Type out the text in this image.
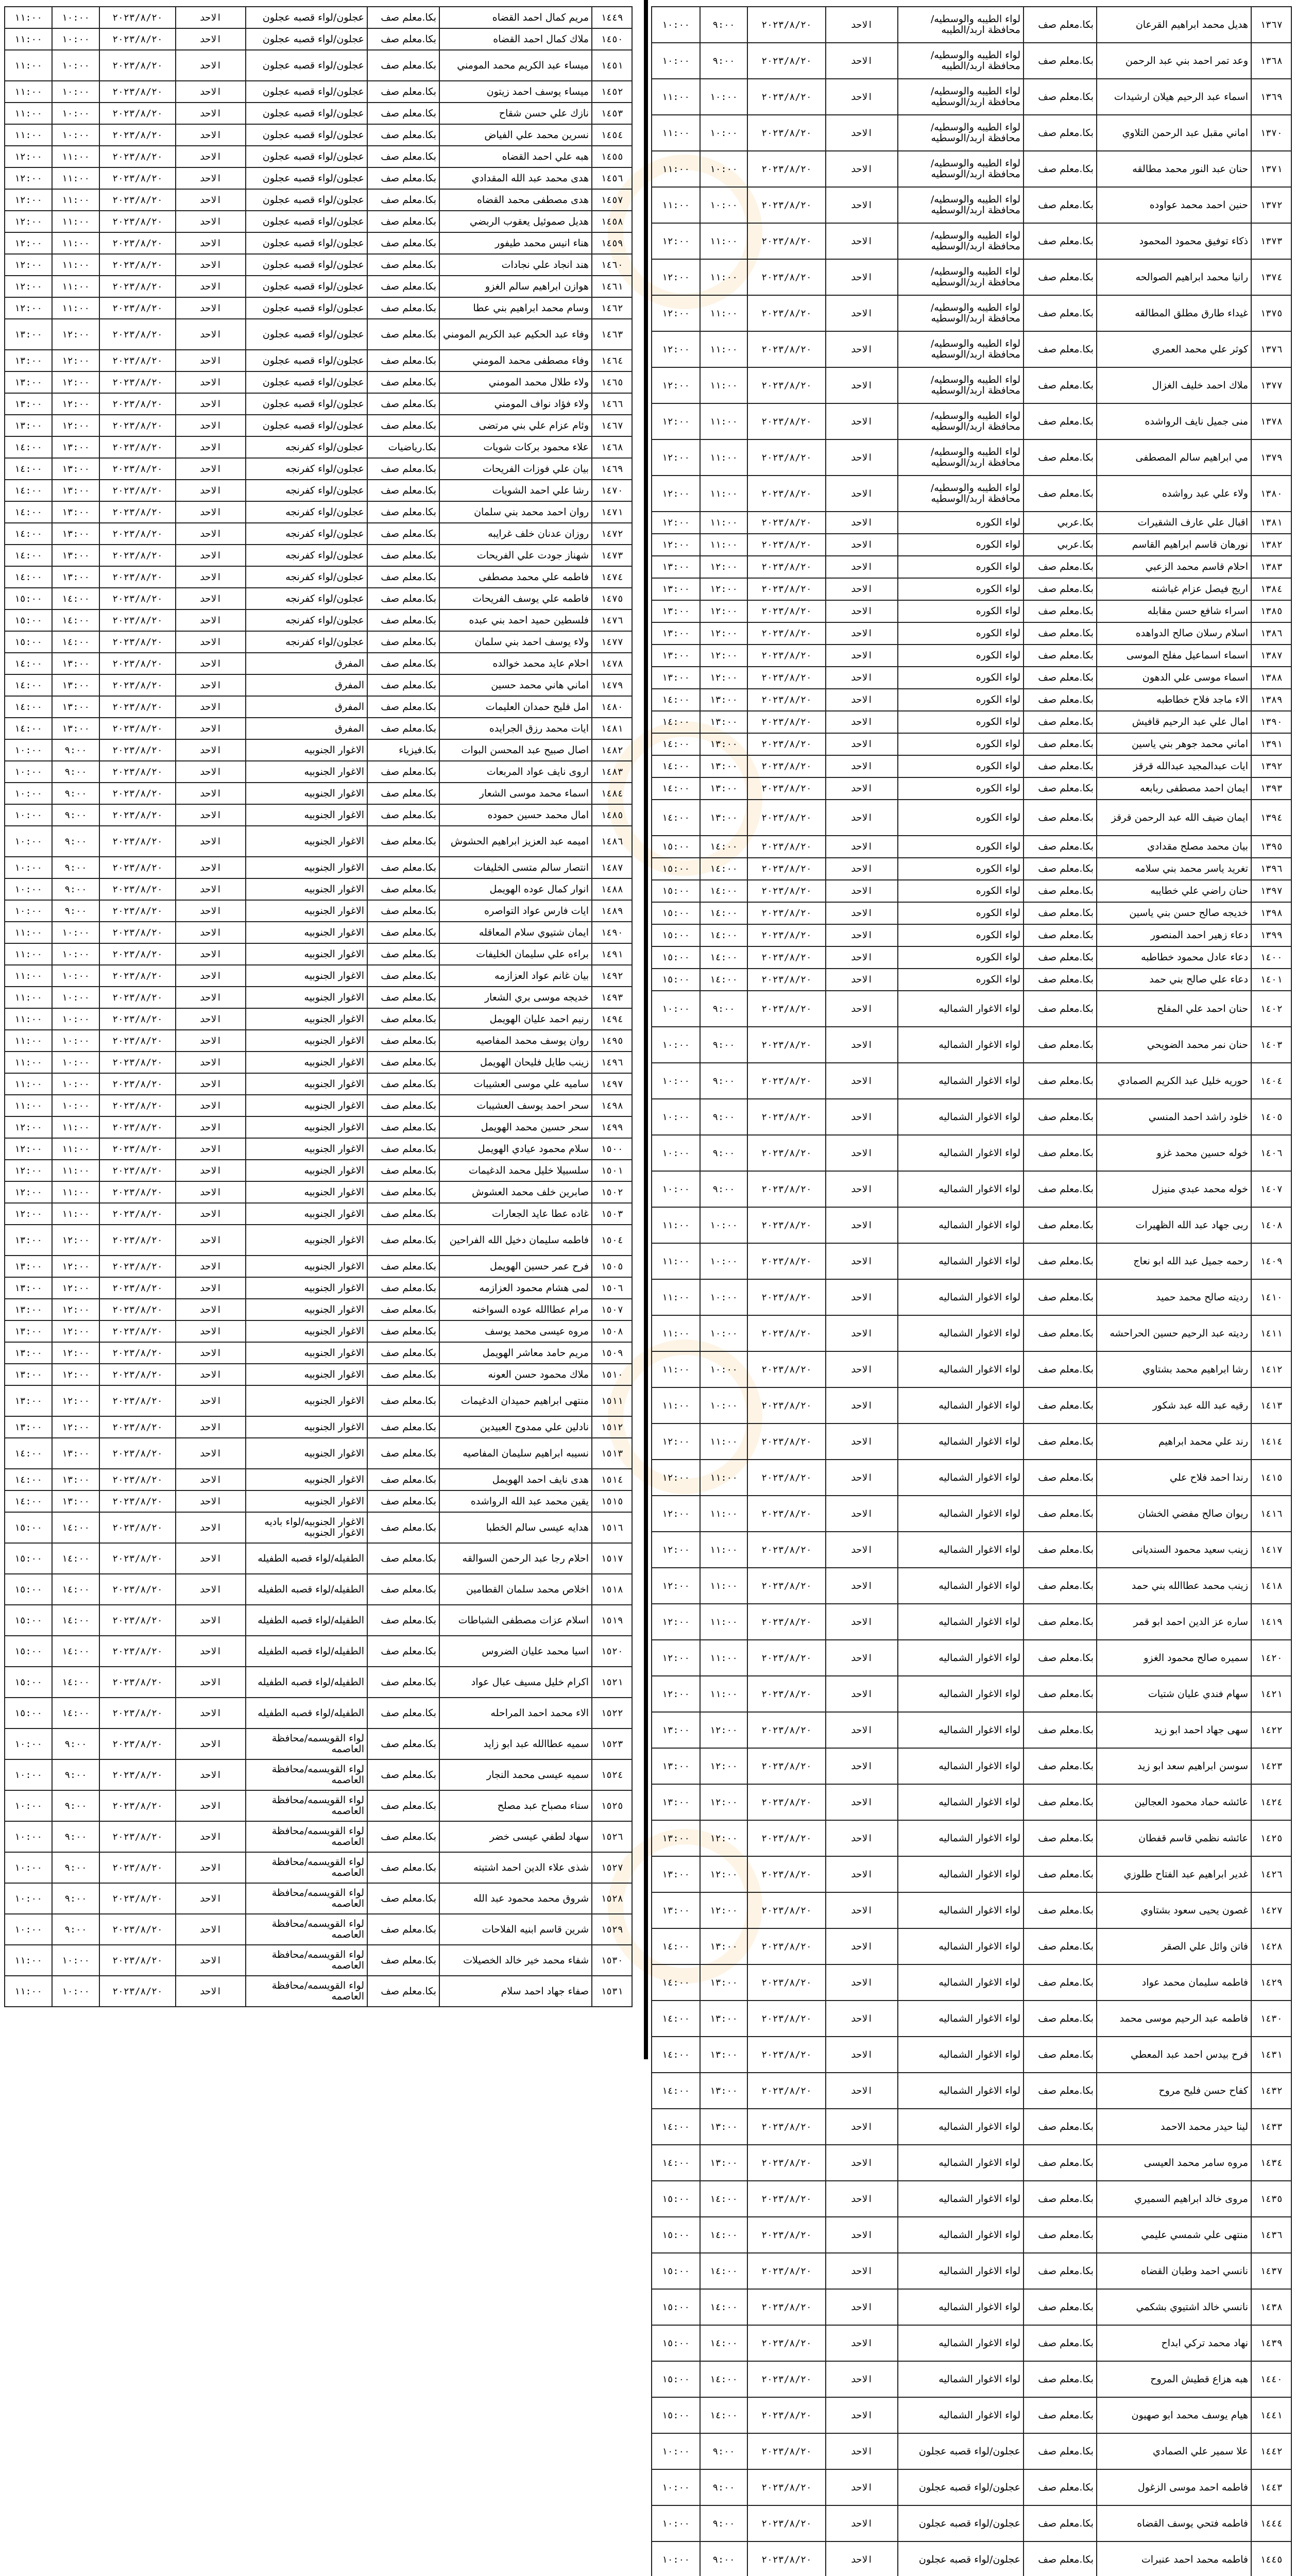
١٣٦٧	هديل محمد ابراهيم القرعان	بكا.معلم صف	لواء الطيبه والوسطيه/محافظة اربد/الطيبه	الاحد	٢٠٢٣/٨/٢٠	٩:٠٠	١٠:٠٠
١٣٦٨	وعد تمر احمد بني عبد الرحمن	بكا.معلم صف	لواء الطيبه والوسطيه/محافظة اربد/الطيبه	الاحد	٢٠٢٣/٨/٢٠	٩:٠٠	١٠:٠٠
١٣٦٩	اسماء عبد الرحيم هيلان ارشيدات	بكا.معلم صف	لواء الطيبه والوسطيه/محافظة اربد/الوسطيه	الاحد	٢٠٢٣/٨/٢٠	١٠:٠٠	١١:٠٠
١٣٧٠	اماني مقبل عبد الرحمن التلاوي	بكا.معلم صف	لواء الطيبه والوسطيه/محافظة اربد/الوسطيه	الاحد	٢٠٢٣/٨/٢٠	١٠:٠٠	١١:٠٠
١٣٧١	حنان عبد النور محمد مطالقه	بكا.معلم صف	لواء الطيبه والوسطيه/محافظة اربد/الوسطيه	الاحد	٢٠٢٣/٨/٢٠	١٠:٠٠	١١:٠٠
١٣٧٢	حنين احمد محمد عواوده	بكا.معلم صف	لواء الطيبه والوسطيه/محافظة اربد/الوسطيه	الاحد	٢٠٢٣/٨/٢٠	١٠:٠٠	١١:٠٠
١٣٧٣	ذكاء توفيق محمود المحمود	بكا.معلم صف	لواء الطيبه والوسطيه/محافظة اربد/الوسطيه	الاحد	٢٠٢٣/٨/٢٠	١١:٠٠	١٢:٠٠
١٣٧٤	رانيا محمد ابراهيم الصوالحه	بكا.معلم صف	لواء الطيبه والوسطيه/محافظة اربد/الوسطيه	الاحد	٢٠٢٣/٨/٢٠	١١:٠٠	١٢:٠٠
١٣٧٥	غيداء طارق مطلق المطالقه	بكا.معلم صف	لواء الطيبه والوسطيه/محافظة اربد/الوسطيه	الاحد	٢٠٢٣/٨/٢٠	١١:٠٠	١٢:٠٠
١٣٧٦	كوثر علي محمد العمري	بكا.معلم صف	لواء الطيبه والوسطيه/محافظة اربد/الوسطيه	الاحد	٢٠٢٣/٨/٢٠	١١:٠٠	١٢:٠٠
١٣٧٧	ملاك احمد خليف الغزال	بكا.معلم صف	لواء الطيبه والوسطيه/محافظة اربد/الوسطيه	الاحد	٢٠٢٣/٨/٢٠	١١:٠٠	١٢:٠٠
١٣٧٨	منى جميل نايف الرواشده	بكا.معلم صف	لواء الطيبه والوسطيه/محافظة اربد/الوسطيه	الاحد	٢٠٢٣/٨/٢٠	١١:٠٠	١٢:٠٠
١٣٧٩	مي ابراهيم سالم المصطفى	بكا.معلم صف	لواء الطيبه والوسطيه/محافظة اربد/الوسطيه	الاحد	٢٠٢٣/٨/٢٠	١١:٠٠	١٢:٠٠
١٣٨٠	ولاء علي عبد رواشده	بكا.معلم صف	لواء الطيبه والوسطيه/محافظة اربد/الوسطيه	الاحد	٢٠٢٣/٨/٢٠	١١:٠٠	١٢:٠٠
١٣٨١	اقبال علي عارف الشقيرات	بكا.عربي	لواء الكوره	الاحد	٢٠٢٣/٨/٢٠	١١:٠٠	١٢:٠٠
١٣٨٢	نورهان قاسم ابراهيم القاسم	بكا.عربي	لواء الكوره	الاحد	٢٠٢٣/٨/٢٠	١١:٠٠	١٢:٠٠
١٣٨٣	احلام قاسم محمد الزعبي	بكا.معلم صف	لواء الكوره	الاحد	٢٠٢٣/٨/٢٠	١٢:٠٠	١٣:٠٠
١٣٨٤	اريج فيصل عزام غباشنه	بكا.معلم صف	لواء الكوره	الاحد	٢٠٢٣/٨/٢٠	١٢:٠٠	١٣:٠٠
١٣٨٥	اسراء شافع حسن مقابله	بكا.معلم صف	لواء الكوره	الاحد	٢٠٢٣/٨/٢٠	١٢:٠٠	١٣:٠٠
١٣٨٦	اسلام رسلان صالح الدواهده	بكا.معلم صف	لواء الكوره	الاحد	٢٠٢٣/٨/٢٠	١٢:٠٠	١٣:٠٠
١٣٨٧	اسماء اسماعيل مفلح الموسى	بكا.معلم صف	لواء الكوره	الاحد	٢٠٢٣/٨/٢٠	١٢:٠٠	١٣:٠٠
١٣٨٨	اسماء موسى علي الدهون	بكا.معلم صف	لواء الكوره	الاحد	٢٠٢٣/٨/٢٠	١٢:٠٠	١٣:٠٠
١٣٨٩	الاء ماجد فلاح خطاطبه	بكا.معلم صف	لواء الكوره	الاحد	٢٠٢٣/٨/٢٠	١٣:٠٠	١٤:٠٠
١٣٩٠	امال علي عبد الرحيم قافيش	بكا.معلم صف	لواء الكوره	الاحد	٢٠٢٣/٨/٢٠	١٣:٠٠	١٤:٠٠
١٣٩١	اماني محمد جوهر بني ياسين	بكا.معلم صف	لواء الكوره	الاحد	٢٠٢٣/٨/٢٠	١٣:٠٠	١٤:٠٠
١٣٩٢	ايات عبدالمجيد عبدالله قرقز	بكا.معلم صف	لواء الكوره	الاحد	٢٠٢٣/٨/٢٠	١٣:٠٠	١٤:٠٠
١٣٩٣	ايمان احمد مصطفى ربابعه	بكا.معلم صف	لواء الكوره	الاحد	٢٠٢٣/٨/٢٠	١٣:٠٠	١٤:٠٠
١٣٩٤	ايمان ضيف الله عبد الرحمن قرقز	بكا.معلم صف	لواء الكوره	الاحد	٢٠٢٣/٨/٢٠	١٣:٠٠	١٤:٠٠
١٣٩٥	بيان محمد مصلح مقدادي	بكا.معلم صف	لواء الكوره	الاحد	٢٠٢٣/٨/٢٠	١٤:٠٠	١٥:٠٠
١٣٩٦	تغريد ياسر محمد بني سلامه	بكا.معلم صف	لواء الكوره	الاحد	٢٠٢٣/٨/٢٠	١٤:٠٠	١٥:٠٠
١٣٩٧	حنان راضي علي خطايبه	بكا.معلم صف	لواء الكوره	الاحد	٢٠٢٣/٨/٢٠	١٤:٠٠	١٥:٠٠
١٣٩٨	خديجه صالح حسن بني ياسين	بكا.معلم صف	لواء الكوره	الاحد	٢٠٢٣/٨/٢٠	١٤:٠٠	١٥:٠٠
١٣٩٩	دعاء زهير احمد المنصور	بكا.معلم صف	لواء الكوره	الاحد	٢٠٢٣/٨/٢٠	١٤:٠٠	١٥:٠٠
١٤٠٠	دعاء عادل محمود خطاطبه	بكا.معلم صف	لواء الكوره	الاحد	٢٠٢٣/٨/٢٠	١٤:٠٠	١٥:٠٠
١٤٠١	دعاء علي صالح بني حمد	بكا.معلم صف	لواء الكوره	الاحد	٢٠٢٣/٨/٢٠	١٤:٠٠	١٥:٠٠
١٤٠٢	حنان احمد علي المفلح	بكا.معلم صف	لواء الاغوار الشماليه	الاحد	٢٠٢٣/٨/٢٠	٩:٠٠	١٠:٠٠
١٤٠٣	حنان نمر محمد الضويحي	بكا.معلم صف	لواء الاغوار الشماليه	الاحد	٢٠٢٣/٨/٢٠	٩:٠٠	١٠:٠٠
١٤٠٤	حوريه خليل عبد الكريم الصمادي	بكا.معلم صف	لواء الاغوار الشماليه	الاحد	٢٠٢٣/٨/٢٠	٩:٠٠	١٠:٠٠
١٤٠٥	خلود راشد احمد المنسي	بكا.معلم صف	لواء الاغوار الشماليه	الاحد	٢٠٢٣/٨/٢٠	٩:٠٠	١٠:٠٠
١٤٠٦	خوله حسين محمد غزو	بكا.معلم صف	لواء الاغوار الشماليه	الاحد	٢٠٢٣/٨/٢٠	٩:٠٠	١٠:٠٠
١٤٠٧	خوله محمد عبدي منيزل	بكا.معلم صف	لواء الاغوار الشماليه	الاحد	٢٠٢٣/٨/٢٠	٩:٠٠	١٠:٠٠
١٤٠٨	ربى جهاد عبد الله الظهيرات	بكا.معلم صف	لواء الاغوار الشماليه	الاحد	٢٠٢٣/٨/٢٠	١٠:٠٠	١١:٠٠
١٤٠٩	رحمه جميل عبد الله ابو نعاج	بكا.معلم صف	لواء الاغوار الشماليه	الاحد	٢٠٢٣/٨/٢٠	١٠:٠٠	١١:٠٠
١٤١٠	رديته صالح محمد حميد	بكا.معلم صف	لواء الاغوار الشماليه	الاحد	٢٠٢٣/٨/٢٠	١٠:٠٠	١١:٠٠
١٤١١	رديته عبد الرحيم حسين الحراحشه	بكا.معلم صف	لواء الاغوار الشماليه	الاحد	٢٠٢٣/٨/٢٠	١٠:٠٠	١١:٠٠
١٤١٢	رشا ابراهيم محمد بشتاوي	بكا.معلم صف	لواء الاغوار الشماليه	الاحد	٢٠٢٣/٨/٢٠	١٠:٠٠	١١:٠٠
١٤١٣	رقيه عبد الله عبد شكور	بكا.معلم صف	لواء الاغوار الشماليه	الاحد	٢٠٢٣/٨/٢٠	١٠:٠٠	١١:٠٠
١٤١٤	رند علي محمد ابراهيم	بكا.معلم صف	لواء الاغوار الشماليه	الاحد	٢٠٢٣/٨/٢٠	١١:٠٠	١٢:٠٠
١٤١٥	رندا احمد فلاح علي	بكا.معلم صف	لواء الاغوار الشماليه	الاحد	٢٠٢٣/٨/٢٠	١١:٠٠	١٢:٠٠
١٤١٦	ريوان صالح مفضي الخشان	بكا.معلم صف	لواء الاغوار الشماليه	الاحد	٢٠٢٣/٨/٢٠	١١:٠٠	١٢:٠٠
١٤١٧	زينب سعيد محمود السنديانى	بكا.معلم صف	لواء الاغوار الشماليه	الاحد	٢٠٢٣/٨/٢٠	١١:٠٠	١٢:٠٠
١٤١٨	زينب محمد عطاالله بني حمد	بكا.معلم صف	لواء الاغوار الشماليه	الاحد	٢٠٢٣/٨/٢٠	١١:٠٠	١٢:٠٠
١٤١٩	ساره عز الدين احمد ابو قمر	بكا.معلم صف	لواء الاغوار الشماليه	الاحد	٢٠٢٣/٨/٢٠	١١:٠٠	١٢:٠٠
١٤٢٠	سميره صالح محمود الغزو	بكا.معلم صف	لواء الاغوار الشماليه	الاحد	٢٠٢٣/٨/٢٠	١١:٠٠	١٢:٠٠
١٤٢١	سهام فندي عليان شتيات	بكا.معلم صف	لواء الاغوار الشماليه	الاحد	٢٠٢٣/٨/٢٠	١١:٠٠	١٢:٠٠
١٤٢٢	سهى جهاد احمد ابو زيد	بكا.معلم صف	لواء الاغوار الشماليه	الاحد	٢٠٢٣/٨/٢٠	١٢:٠٠	١٣:٠٠
١٤٢٣	سوسن ابراهيم سعد ابو زيد	بكا.معلم صف	لواء الاغوار الشماليه	الاحد	٢٠٢٣/٨/٢٠	١٢:٠٠	١٣:٠٠
١٤٢٤	عائشه حماد محمود العجالين	بكا.معلم صف	لواء الاغوار الشماليه	الاحد	٢٠٢٣/٨/٢٠	١٢:٠٠	١٣:٠٠
١٤٢٥	عائشه نظمي قاسم قفطان	بكا.معلم صف	لواء الاغوار الشماليه	الاحد	٢٠٢٣/٨/٢٠	١٢:٠٠	١٣:٠٠
١٤٢٦	غدير ابراهيم عبد الفتاح طلوزي	بكا.معلم صف	لواء الاغوار الشماليه	الاحد	٢٠٢٣/٨/٢٠	١٢:٠٠	١٣:٠٠
١٤٢٧	غصون يحيى سعود بشتاوي	بكا.معلم صف	لواء الاغوار الشماليه	الاحد	٢٠٢٣/٨/٢٠	١٢:٠٠	١٣:٠٠
١٤٢٨	فاتن وائل علي الصقر	بكا.معلم صف	لواء الاغوار الشماليه	الاحد	٢٠٢٣/٨/٢٠	١٣:٠٠	١٤:٠٠
١٤٢٩	فاطمه سليمان محمد عواد	بكا.معلم صف	لواء الاغوار الشماليه	الاحد	٢٠٢٣/٨/٢٠	١٣:٠٠	١٤:٠٠
١٤٣٠	فاطمه عبد الرحيم موسى محمد	بكا.معلم صف	لواء الاغوار الشماليه	الاحد	٢٠٢٣/٨/٢٠	١٣:٠٠	١٤:٠٠
١٤٣١	فرح بيدس احمد عبد المعطي	بكا.معلم صف	لواء الاغوار الشماليه	الاحد	٢٠٢٣/٨/٢٠	١٣:٠٠	١٤:٠٠
١٤٣٢	كفاح حسن فليح مروح	بكا.معلم صف	لواء الاغوار الشماليه	الاحد	٢٠٢٣/٨/٢٠	١٣:٠٠	١٤:٠٠
١٤٣٣	لينا حيدر محمد الاحمد	بكا.معلم صف	لواء الاغوار الشماليه	الاحد	٢٠٢٣/٨/٢٠	١٣:٠٠	١٤:٠٠
١٤٣٤	مروه سامر محمد العيسى	بكا.معلم صف	لواء الاغوار الشماليه	الاحد	٢٠٢٣/٨/٢٠	١٣:٠٠	١٤:٠٠
١٤٣٥	مروى خالد ابراهيم السميري	بكا.معلم صف	لواء الاغوار الشماليه	الاحد	٢٠٢٣/٨/٢٠	١٤:٠٠	١٥:٠٠
١٤٣٦	منتهى علي شمسي عليمي	بكا.معلم صف	لواء الاغوار الشماليه	الاحد	٢٠٢٣/٨/٢٠	١٤:٠٠	١٥:٠٠
١٤٣٧	نانسي احمد وطبان القضاه	بكا.معلم صف	لواء الاغوار الشماليه	الاحد	٢٠٢٣/٨/٢٠	١٤:٠٠	١٥:٠٠
١٤٣٨	نانسي خالد اشتيوي بشكمي	بكا.معلم صف	لواء الاغوار الشماليه	الاحد	٢٠٢٣/٨/٢٠	١٤:٠٠	١٥:٠٠
١٤٣٩	نهاد محمد تركي ابداح	بكا.معلم صف	لواء الاغوار الشماليه	الاحد	٢٠٢٣/٨/٢٠	١٤:٠٠	١٥:٠٠
١٤٤٠	هبه هزاع قطيش المروح	بكا.معلم صف	لواء الاغوار الشماليه	الاحد	٢٠٢٣/٨/٢٠	١٤:٠٠	١٥:٠٠
١٤٤١	هيام يوسف محمد ابو صهيون	بكا.معلم صف	لواء الاغوار الشماليه	الاحد	٢٠٢٣/٨/٢٠	١٤:٠٠	١٥:٠٠
١٤٤٢	علا سمير علي الصمادي	بكا.معلم صف	عجلون/لواء قصبه عجلون	الاحد	٢٠٢٣/٨/٢٠	٩:٠٠	١٠:٠٠
١٤٤٣	فاطمه احمد موسى الزغول	بكا.معلم صف	عجلون/لواء قصبه عجلون	الاحد	٢٠٢٣/٨/٢٠	٩:٠٠	١٠:٠٠
١٤٤٤	فاطمه فتحي يوسف القضاه	بكا.معلم صف	عجلون/لواء قصبه عجلون	الاحد	٢٠٢٣/٨/٢٠	٩:٠٠	١٠:٠٠
١٤٤٥	فاطمه محمد احمد عنبرات	بكا.معلم صف	عجلون/لواء قصبه عجلون	الاحد	٢٠٢٣/٨/٢٠	٩:٠٠	١٠:٠٠

١٤٤٩	مريم كمال احمد القضاه	بكا.معلم صف	عجلون/لواء قصبه عجلون	الاحد	٢٠٢٣/٨/٢٠	١٠:٠٠	١١:٠٠
١٤٥٠	ملاك كمال احمد القضاه	بكا.معلم صف	عجلون/لواء قصبه عجلون	الاحد	٢٠٢٣/٨/٢٠	١٠:٠٠	١١:٠٠
١٤٥١	ميساء عبد الكريم محمد المومني	بكا.معلم صف	عجلون/لواء قصبه عجلون	الاحد	٢٠٢٣/٨/٢٠	١٠:٠٠	١١:٠٠
١٤٥٢	ميساء يوسف احمد زيتون	بكا.معلم صف	عجلون/لواء قصبه عجلون	الاحد	٢٠٢٣/٨/٢٠	١٠:٠٠	١١:٠٠
١٤٥٣	نازك علي حسن شقاح	بكا.معلم صف	عجلون/لواء قصبه عجلون	الاحد	٢٠٢٣/٨/٢٠	١٠:٠٠	١١:٠٠
١٤٥٤	نسرين محمد علي الفياض	بكا.معلم صف	عجلون/لواء قصبه عجلون	الاحد	٢٠٢٣/٨/٢٠	١٠:٠٠	١١:٠٠
١٤٥٥	هبه علي احمد القضاه	بكا.معلم صف	عجلون/لواء قصبه عجلون	الاحد	٢٠٢٣/٨/٢٠	١١:٠٠	١٢:٠٠
١٤٥٦	هدى محمد عبد الله المقدادي	بكا.معلم صف	عجلون/لواء قصبه عجلون	الاحد	٢٠٢٣/٨/٢٠	١١:٠٠	١٢:٠٠
١٤٥٧	هدى مصطفى محمد القضاه	بكا.معلم صف	عجلون/لواء قصبه عجلون	الاحد	٢٠٢٣/٨/٢٠	١١:٠٠	١٢:٠٠
١٤٥٨	هديل صموئيل يعقوب الربضي	بكا.معلم صف	عجلون/لواء قصبه عجلون	الاحد	٢٠٢٣/٨/٢٠	١١:٠٠	١٢:٠٠
١٤٥٩	هناء انيس محمد طيفور	بكا.معلم صف	عجلون/لواء قصبه عجلون	الاحد	٢٠٢٣/٨/٢٠	١١:٠٠	١٢:٠٠
١٤٦٠	هند انجاد علي نجادات	بكا.معلم صف	عجلون/لواء قصبه عجلون	الاحد	٢٠٢٣/٨/٢٠	١١:٠٠	١٢:٠٠
١٤٦١	هوازن ابراهيم سالم الغزو	بكا.معلم صف	عجلون/لواء قصبه عجلون	الاحد	٢٠٢٣/٨/٢٠	١١:٠٠	١٢:٠٠
١٤٦٢	وسام محمد ابراهيم بني عطا	بكا.معلم صف	عجلون/لواء قصبه عجلون	الاحد	٢٠٢٣/٨/٢٠	١١:٠٠	١٢:٠٠
١٤٦٣	وفاء عبد الحكيم عبد الكريم المومني	بكا.معلم صف	عجلون/لواء قصبه عجلون	الاحد	٢٠٢٣/٨/٢٠	١٢:٠٠	١٣:٠٠
١٤٦٤	وفاء مصطفى محمد المومني	بكا.معلم صف	عجلون/لواء قصبه عجلون	الاحد	٢٠٢٣/٨/٢٠	١٢:٠٠	١٣:٠٠
١٤٦٥	ولاء طلال محمد المومني	بكا.معلم صف	عجلون/لواء قصبه عجلون	الاحد	٢٠٢٣/٨/٢٠	١٢:٠٠	١٣:٠٠
١٤٦٦	ولاء فؤاد نواف المومني	بكا.معلم صف	عجلون/لواء قصبه عجلون	الاحد	٢٠٢٣/٨/٢٠	١٢:٠٠	١٣:٠٠
١٤٦٧	وئام عزام علي بني مرتضى	بكا.معلم صف	عجلون/لواء قصبه عجلون	الاحد	٢٠٢٣/٨/٢٠	١٢:٠٠	١٣:٠٠
١٤٦٨	علاء محمود بركات شويات	بكا.رياضيات	عجلون/لواء كفرنجه	الاحد	٢٠٢٣/٨/٢٠	١٣:٠٠	١٤:٠٠
١٤٦٩	بيان علي فوزات الفريحات	بكا.معلم صف	عجلون/لواء كفرنجه	الاحد	٢٠٢٣/٨/٢٠	١٣:٠٠	١٤:٠٠
١٤٧٠	رشا علي احمد الشويات	بكا.معلم صف	عجلون/لواء كفرنجه	الاحد	٢٠٢٣/٨/٢٠	١٣:٠٠	١٤:٠٠
١٤٧١	روان احمد محمد بني سلمان	بكا.معلم صف	عجلون/لواء كفرنجه	الاحد	٢٠٢٣/٨/٢٠	١٣:٠٠	١٤:٠٠
١٤٧٢	روزان عدنان خلف غرايبه	بكا.معلم صف	عجلون/لواء كفرنجه	الاحد	٢٠٢٣/٨/٢٠	١٣:٠٠	١٤:٠٠
١٤٧٣	شهناز جودت علي الفريحات	بكا.معلم صف	عجلون/لواء كفرنجه	الاحد	٢٠٢٣/٨/٢٠	١٣:٠٠	١٤:٠٠
١٤٧٤	فاطمه علي محمد مصطفى	بكا.معلم صف	عجلون/لواء كفرنجه	الاحد	٢٠٢٣/٨/٢٠	١٣:٠٠	١٤:٠٠
١٤٧٥	فاطمه علي يوسف الفريحات	بكا.معلم صف	عجلون/لواء كفرنجه	الاحد	٢٠٢٣/٨/٢٠	١٤:٠٠	١٥:٠٠
١٤٧٦	فلسطين حميد احمد بني عبده	بكا.معلم صف	عجلون/لواء كفرنجه	الاحد	٢٠٢٣/٨/٢٠	١٤:٠٠	١٥:٠٠
١٤٧٧	ولاء يوسف احمد بني سلمان	بكا.معلم صف	عجلون/لواء كفرنجه	الاحد	٢٠٢٣/٨/٢٠	١٤:٠٠	١٥:٠٠
١٤٧٨	احلام عايد محمد خوالده	بكا.معلم صف	المفرق	الاحد	٢٠٢٣/٨/٢٠	١٣:٠٠	١٤:٠٠
١٤٧٩	اماني هاني محمد حسين	بكا.معلم صف	المفرق	الاحد	٢٠٢٣/٨/٢٠	١٣:٠٠	١٤:٠٠
١٤٨٠	امل فليح حمدان العليمات	بكا.معلم صف	المفرق	الاحد	٢٠٢٣/٨/٢٠	١٣:٠٠	١٤:٠٠
١٤٨١	ايات محمد رزق الجرايده	بكا.معلم صف	المفرق	الاحد	٢٠٢٣/٨/٢٠	١٣:٠٠	١٤:٠٠
١٤٨٢	اصال صبيح عبد المحسن البوات	بكا.فيزياء	الاغوار الجنوبيه	الاحد	٢٠٢٣/٨/٢٠	٩:٠٠	١٠:٠٠
١٤٨٣	اروى نايف عواد المربعات	بكا.معلم صف	الاغوار الجنوبيه	الاحد	٢٠٢٣/٨/٢٠	٩:٠٠	١٠:٠٠
١٤٨٤	اسماء محمد موسى الشعار	بكا.معلم صف	الاغوار الجنوبيه	الاحد	٢٠٢٣/٨/٢٠	٩:٠٠	١٠:٠٠
١٤٨٥	امال محمد حسين حموده	بكا.معلم صف	الاغوار الجنوبيه	الاحد	٢٠٢٣/٨/٢٠	٩:٠٠	١٠:٠٠
١٤٨٦	اميمه عبد العزيز ابراهيم الحشوش	بكا.معلم صف	الاغوار الجنوبيه	الاحد	٢٠٢٣/٨/٢٠	٩:٠٠	١٠:٠٠
١٤٨٧	انتصار سالم متسى الخليفات	بكا.معلم صف	الاغوار الجنوبيه	الاحد	٢٠٢٣/٨/٢٠	٩:٠٠	١٠:٠٠
١٤٨٨	انوار كمال عوده الهويمل	بكا.معلم صف	الاغوار الجنوبيه	الاحد	٢٠٢٣/٨/٢٠	٩:٠٠	١٠:٠٠
١٤٨٩	ايات فارس عواد التواصره	بكا.معلم صف	الاغوار الجنوبيه	الاحد	٢٠٢٣/٨/٢٠	٩:٠٠	١٠:٠٠
١٤٩٠	ايمان شتيوي سلام المعاقله	بكا.معلم صف	الاغوار الجنوبيه	الاحد	٢٠٢٣/٨/٢٠	١٠:٠٠	١١:٠٠
١٤٩١	براءه علي سليمان الخليفات	بكا.معلم صف	الاغوار الجنوبيه	الاحد	٢٠٢٣/٨/٢٠	١٠:٠٠	١١:٠٠
١٤٩٢	بيان غانم عواد العزازمه	بكا.معلم صف	الاغوار الجنوبيه	الاحد	٢٠٢٣/٨/٢٠	١٠:٠٠	١١:٠٠
١٤٩٣	خديجه موسى بري الشعار	بكا.معلم صف	الاغوار الجنوبيه	الاحد	٢٠٢٣/٨/٢٠	١٠:٠٠	١١:٠٠
١٤٩٤	رنيم احمد عليان الهويمل	بكا.معلم صف	الاغوار الجنوبيه	الاحد	٢٠٢٣/٨/٢٠	١٠:٠٠	١١:٠٠
١٤٩٥	روان يوسف محمد المفاصيه	بكا.معلم صف	الاغوار الجنوبيه	الاحد	٢٠٢٣/٨/٢٠	١٠:٠٠	١١:٠٠
١٤٩٦	زينب طايل فليحان الهويمل	بكا.معلم صف	الاغوار الجنوبيه	الاحد	٢٠٢٣/٨/٢٠	١٠:٠٠	١١:٠٠
١٤٩٧	ساميه علي موسى العشيبات	بكا.معلم صف	الاغوار الجنوبيه	الاحد	٢٠٢٣/٨/٢٠	١٠:٠٠	١١:٠٠
١٤٩٨	سحر احمد يوسف العشيبات	بكا.معلم صف	الاغوار الجنوبيه	الاحد	٢٠٢٣/٨/٢٠	١٠:٠٠	١١:٠٠
١٤٩٩	سحر حسين محمد الهويمل	بكا.معلم صف	الاغوار الجنوبيه	الاحد	٢٠٢٣/٨/٢٠	١١:٠٠	١٢:٠٠
١٥٠٠	سلام محمود عيادي الهويمل	بكا.معلم صف	الاغوار الجنوبيه	الاحد	٢٠٢٣/٨/٢٠	١١:٠٠	١٢:٠٠
١٥٠١	سلسبيلا خليل محمد الدغيمات	بكا.معلم صف	الاغوار الجنوبيه	الاحد	٢٠٢٣/٨/٢٠	١١:٠٠	١٢:٠٠
١٥٠٢	صابرين خلف محمد العشوش	بكا.معلم صف	الاغوار الجنوبيه	الاحد	٢٠٢٣/٨/٢٠	١١:٠٠	١٢:٠٠
١٥٠٣	غاده عطا عايد الجعارات	بكا.معلم صف	الاغوار الجنوبيه	الاحد	٢٠٢٣/٨/٢٠	١١:٠٠	١٢:٠٠
١٥٠٤	فاطمه سليمان دخيل الله الفراحين	بكا.معلم صف	الاغوار الجنوبيه	الاحد	٢٠٢٣/٨/٢٠	١٢:٠٠	١٣:٠٠
١٥٠٥	فرح عمر حسين الهويمل	بكا.معلم صف	الاغوار الجنوبيه	الاحد	٢٠٢٣/٨/٢٠	١٢:٠٠	١٣:٠٠
١٥٠٦	لمى هشام محمود العزازمه	بكا.معلم صف	الاغوار الجنوبيه	الاحد	٢٠٢٣/٨/٢٠	١٢:٠٠	١٣:٠٠
١٥٠٧	مرام عطاالله عوده السواخنه	بكا.معلم صف	الاغوار الجنوبيه	الاحد	٢٠٢٣/٨/٢٠	١٢:٠٠	١٣:٠٠
١٥٠٨	مروه عيسى محمد يوسف	بكا.معلم صف	الاغوار الجنوبيه	الاحد	٢٠٢٣/٨/٢٠	١٢:٠٠	١٣:٠٠
١٥٠٩	مريم حامد معاشر الهويمل	بكا.معلم صف	الاغوار الجنوبيه	الاحد	٢٠٢٣/٨/٢٠	١٢:٠٠	١٣:٠٠
١٥١٠	ملاك محمود حسن العونه	بكا.معلم صف	الاغوار الجنوبيه	الاحد	٢٠٢٣/٨/٢٠	١٢:٠٠	١٣:٠٠
١٥١١	منتهى ابراهيم حميدان الدغيمات	بكا.معلم صف	الاغوار الجنوبيه	الاحد	٢٠٢٣/٨/٢٠	١٢:٠٠	١٣:٠٠
١٥١٢	نادلين علي ممدوح العبيدين	بكا.معلم صف	الاغوار الجنوبيه	الاحد	٢٠٢٣/٨/٢٠	١٢:٠٠	١٣:٠٠
١٥١٣	نسيبه ابراهيم سليمان المفاصيه	بكا.معلم صف	الاغوار الجنوبيه	الاحد	٢٠٢٣/٨/٢٠	١٣:٠٠	١٤:٠٠
١٥١٤	هدى نايف احمد الهويمل	بكا.معلم صف	الاغوار الجنوبيه	الاحد	٢٠٢٣/٨/٢٠	١٣:٠٠	١٤:٠٠
١٥١٥	يقين محمد عبد الله الرواشده	بكا.معلم صف	الاغوار الجنوبيه	الاحد	٢٠٢٣/٨/٢٠	١٣:٠٠	١٤:٠٠
١٥١٦	هدايه عيسى سالم الخطبا	بكا.معلم صف	الاغوار الجنوبيه/لواء باديه الاغوار الجنوبيه	الاحد	٢٠٢٣/٨/٢٠	١٤:٠٠	١٥:٠٠
١٥١٧	احلام رجا عبد الرحمن السوالقه	بكا.معلم صف	الطفيله/لواء قصبه الطفيله	الاحد	٢٠٢٣/٨/٢٠	١٤:٠٠	١٥:٠٠
١٥١٨	اخلاص محمد سلمان القطامين	بكا.معلم صف	الطفيله/لواء قصبه الطفيله	الاحد	٢٠٢٣/٨/٢٠	١٤:٠٠	١٥:٠٠
١٥١٩	اسلام عزات مصطفى الشباطات	بكا.معلم صف	الطفيله/لواء قصبه الطفيله	الاحد	٢٠٢٣/٨/٢٠	١٤:٠٠	١٥:٠٠
١٥٢٠	اسيا محمد عليان الضروس	بكا.معلم صف	الطفيله/لواء قصبه الطفيله	الاحد	٢٠٢٣/٨/٢٠	١٤:٠٠	١٥:٠٠
١٥٢١	اكرام خليل مسيف عبال عواد	بكا.معلم صف	الطفيله/لواء قصبه الطفيله	الاحد	٢٠٢٣/٨/٢٠	١٤:٠٠	١٥:٠٠
١٥٢٢	الاء محمد احمد المراحله	بكا.معلم صف	الطفيله/لواء قصبه الطفيله	الاحد	٢٠٢٣/٨/٢٠	١٤:٠٠	١٥:٠٠
١٥٢٣	سميه عطاالله عبد ابو زايد	بكا.معلم صف	لواء القويسمه/محافظة العاصمه	الاحد	٢٠٢٣/٨/٢٠	٩:٠٠	١٠:٠٠
١٥٢٤	سميه عيسى محمد النجار	بكا.معلم صف	لواء القويسمه/محافظة العاصمه	الاحد	٢٠٢٣/٨/٢٠	٩:٠٠	١٠:٠٠
١٥٢٥	سناء مصباح عبد مصلح	بكا.معلم صف	لواء القويسمه/محافظة العاصمه	الاحد	٢٠٢٣/٨/٢٠	٩:٠٠	١٠:٠٠
١٥٢٦	سهاد لطفي عيسى خضر	بكا.معلم صف	لواء القويسمه/محافظة العاصمه	الاحد	٢٠٢٣/٨/٢٠	٩:٠٠	١٠:٠٠
١٥٢٧	شذى علاء الدين احمد اشتيته	بكا.معلم صف	لواء القويسمه/محافظة العاصمه	الاحد	٢٠٢٣/٨/٢٠	٩:٠٠	١٠:٠٠
١٥٢٨	شروق محمد محمود عبد الله	بكا.معلم صف	لواء القويسمه/محافظة العاصمه	الاحد	٢٠٢٣/٨/٢٠	٩:٠٠	١٠:٠٠
١٥٢٩	شرين قاسم ابنيه الفلاحات	بكا.معلم صف	لواء القويسمه/محافظة العاصمه	الاحد	٢٠٢٣/٨/٢٠	٩:٠٠	١٠:٠٠
١٥٣٠	شفاء محمد خير خالد الخصيلات	بكا.معلم صف	لواء القويسمه/محافظة العاصمه	الاحد	٢٠٢٣/٨/٢٠	١٠:٠٠	١١:٠٠
١٥٣١	صفاء جهاد احمد سلام	بكا.معلم صف	لواء القويسمه/محافظة العاصمه	الاحد	٢٠٢٣/٨/٢٠	١٠:٠٠	١١:٠٠
